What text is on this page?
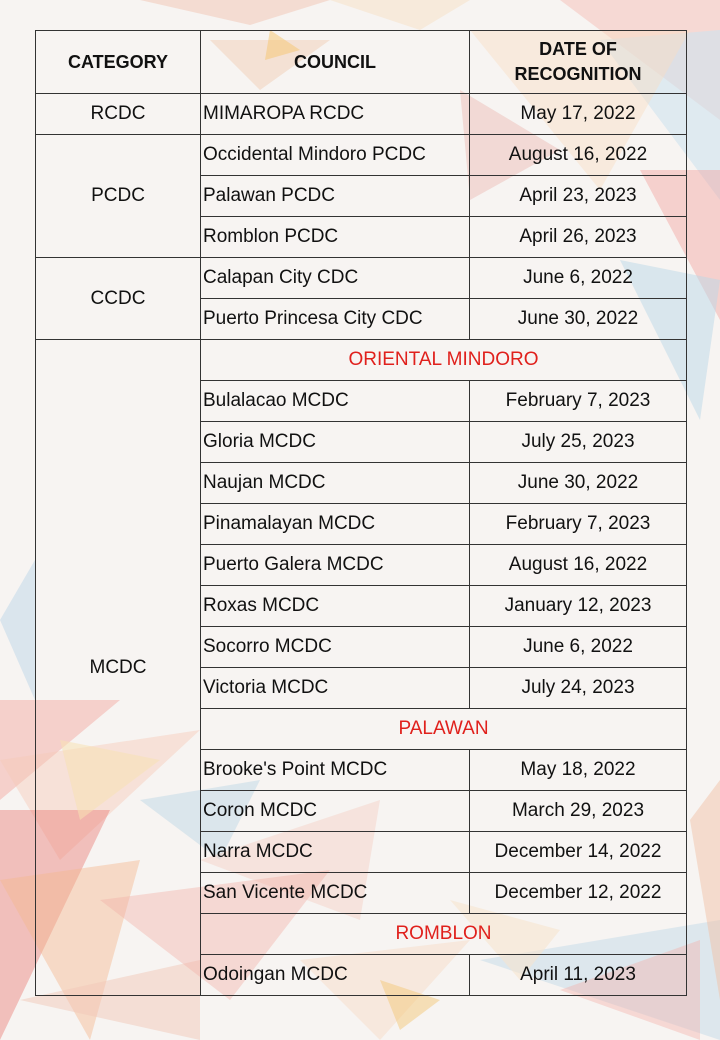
CATEGORY	COUNCIL	DATE OF
RECOGNITION
RCDC	MIMAROPA RCDC	May 17, 2022
PCDC	Occidental Mindoro PCDC	August 16, 2022
	Palawan PCDC	April 23, 2023
	Romblon PCDC	April 26, 2023
CCDC	Calapan City CDC	June 6, 2022
	Puerto Princesa City CDC	June 30, 2022
MCDC	ORIENTAL MINDORO	
	Bulalacao MCDC	February 7, 2023
	Gloria MCDC	July 25, 2023
	Naujan MCDC	June 30, 2022
	Pinamalayan MCDC	February 7, 2023
	Puerto Galera MCDC	August 16, 2022
	Roxas MCDC	January 12, 2023
	Socorro MCDC	June 6, 2022
	Victoria MCDC	July 24, 2023
	PALAWAN	
	Brooke's Point MCDC	May 18, 2022
	Coron MCDC	March 29, 2023
	Narra MCDC	December 14, 2022
	San Vicente MCDC	December 12, 2022
	ROMBLON	
	Odoingan MCDC	April 11, 2023
